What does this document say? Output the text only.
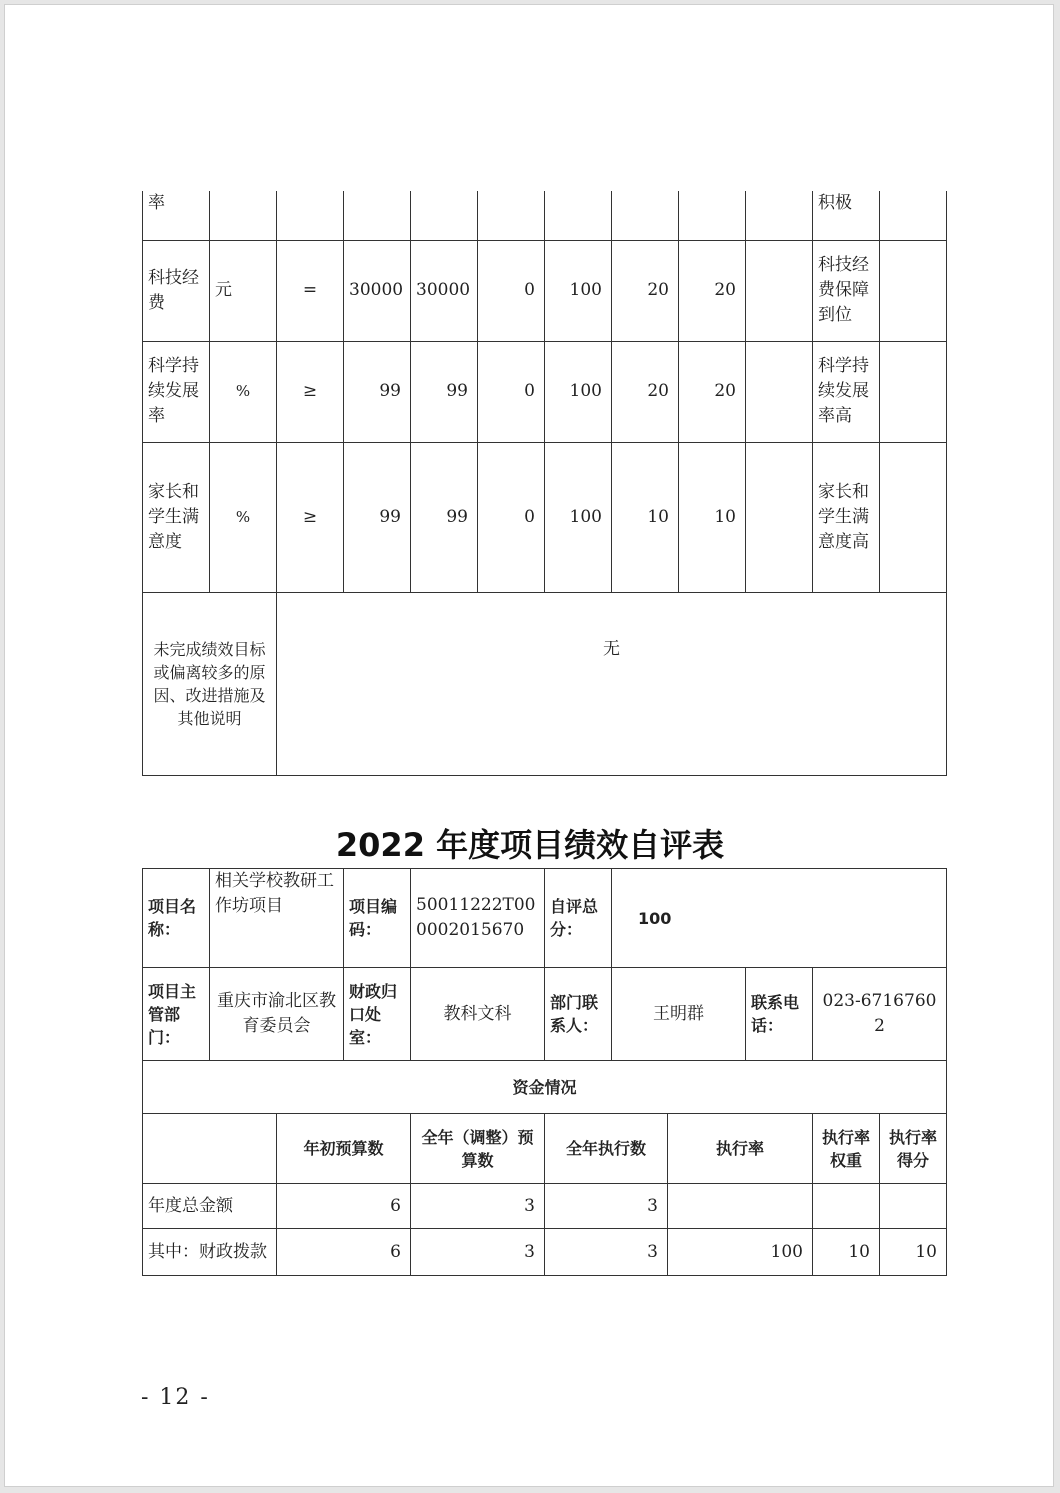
率										积极	
科技经费	元	=	30000	30000	0	100	20	20		科技经费保障到位	
科学持续发展率	%	≥	99	99	0	100	20	20		科学持续发展率高	
家长和学生满意度	%	≥	99	99	0	100	10	10		家长和学生满意度高	
未完成绩效目标或偏离较多的原因、改进措施及其他说明		无									
2022 年度项目绩效自评表
项目名称：	相关学校教研工作坊项目	项目编码：	50011222T000002015670	自评总分：	100		
项目主管部门：	重庆市渝北区教育委员会	财政归口处室：	教科文科	部门联系人：	王明群	联系电话：	023-67167602
资金情况							
	年初预算数	全年（调整）预算数	全年执行数	执行率	执行率权重	执行率得分
年度总金额	6	3	3			
其中：财政拨款	6	3	3	100	10	10
- 12 -
